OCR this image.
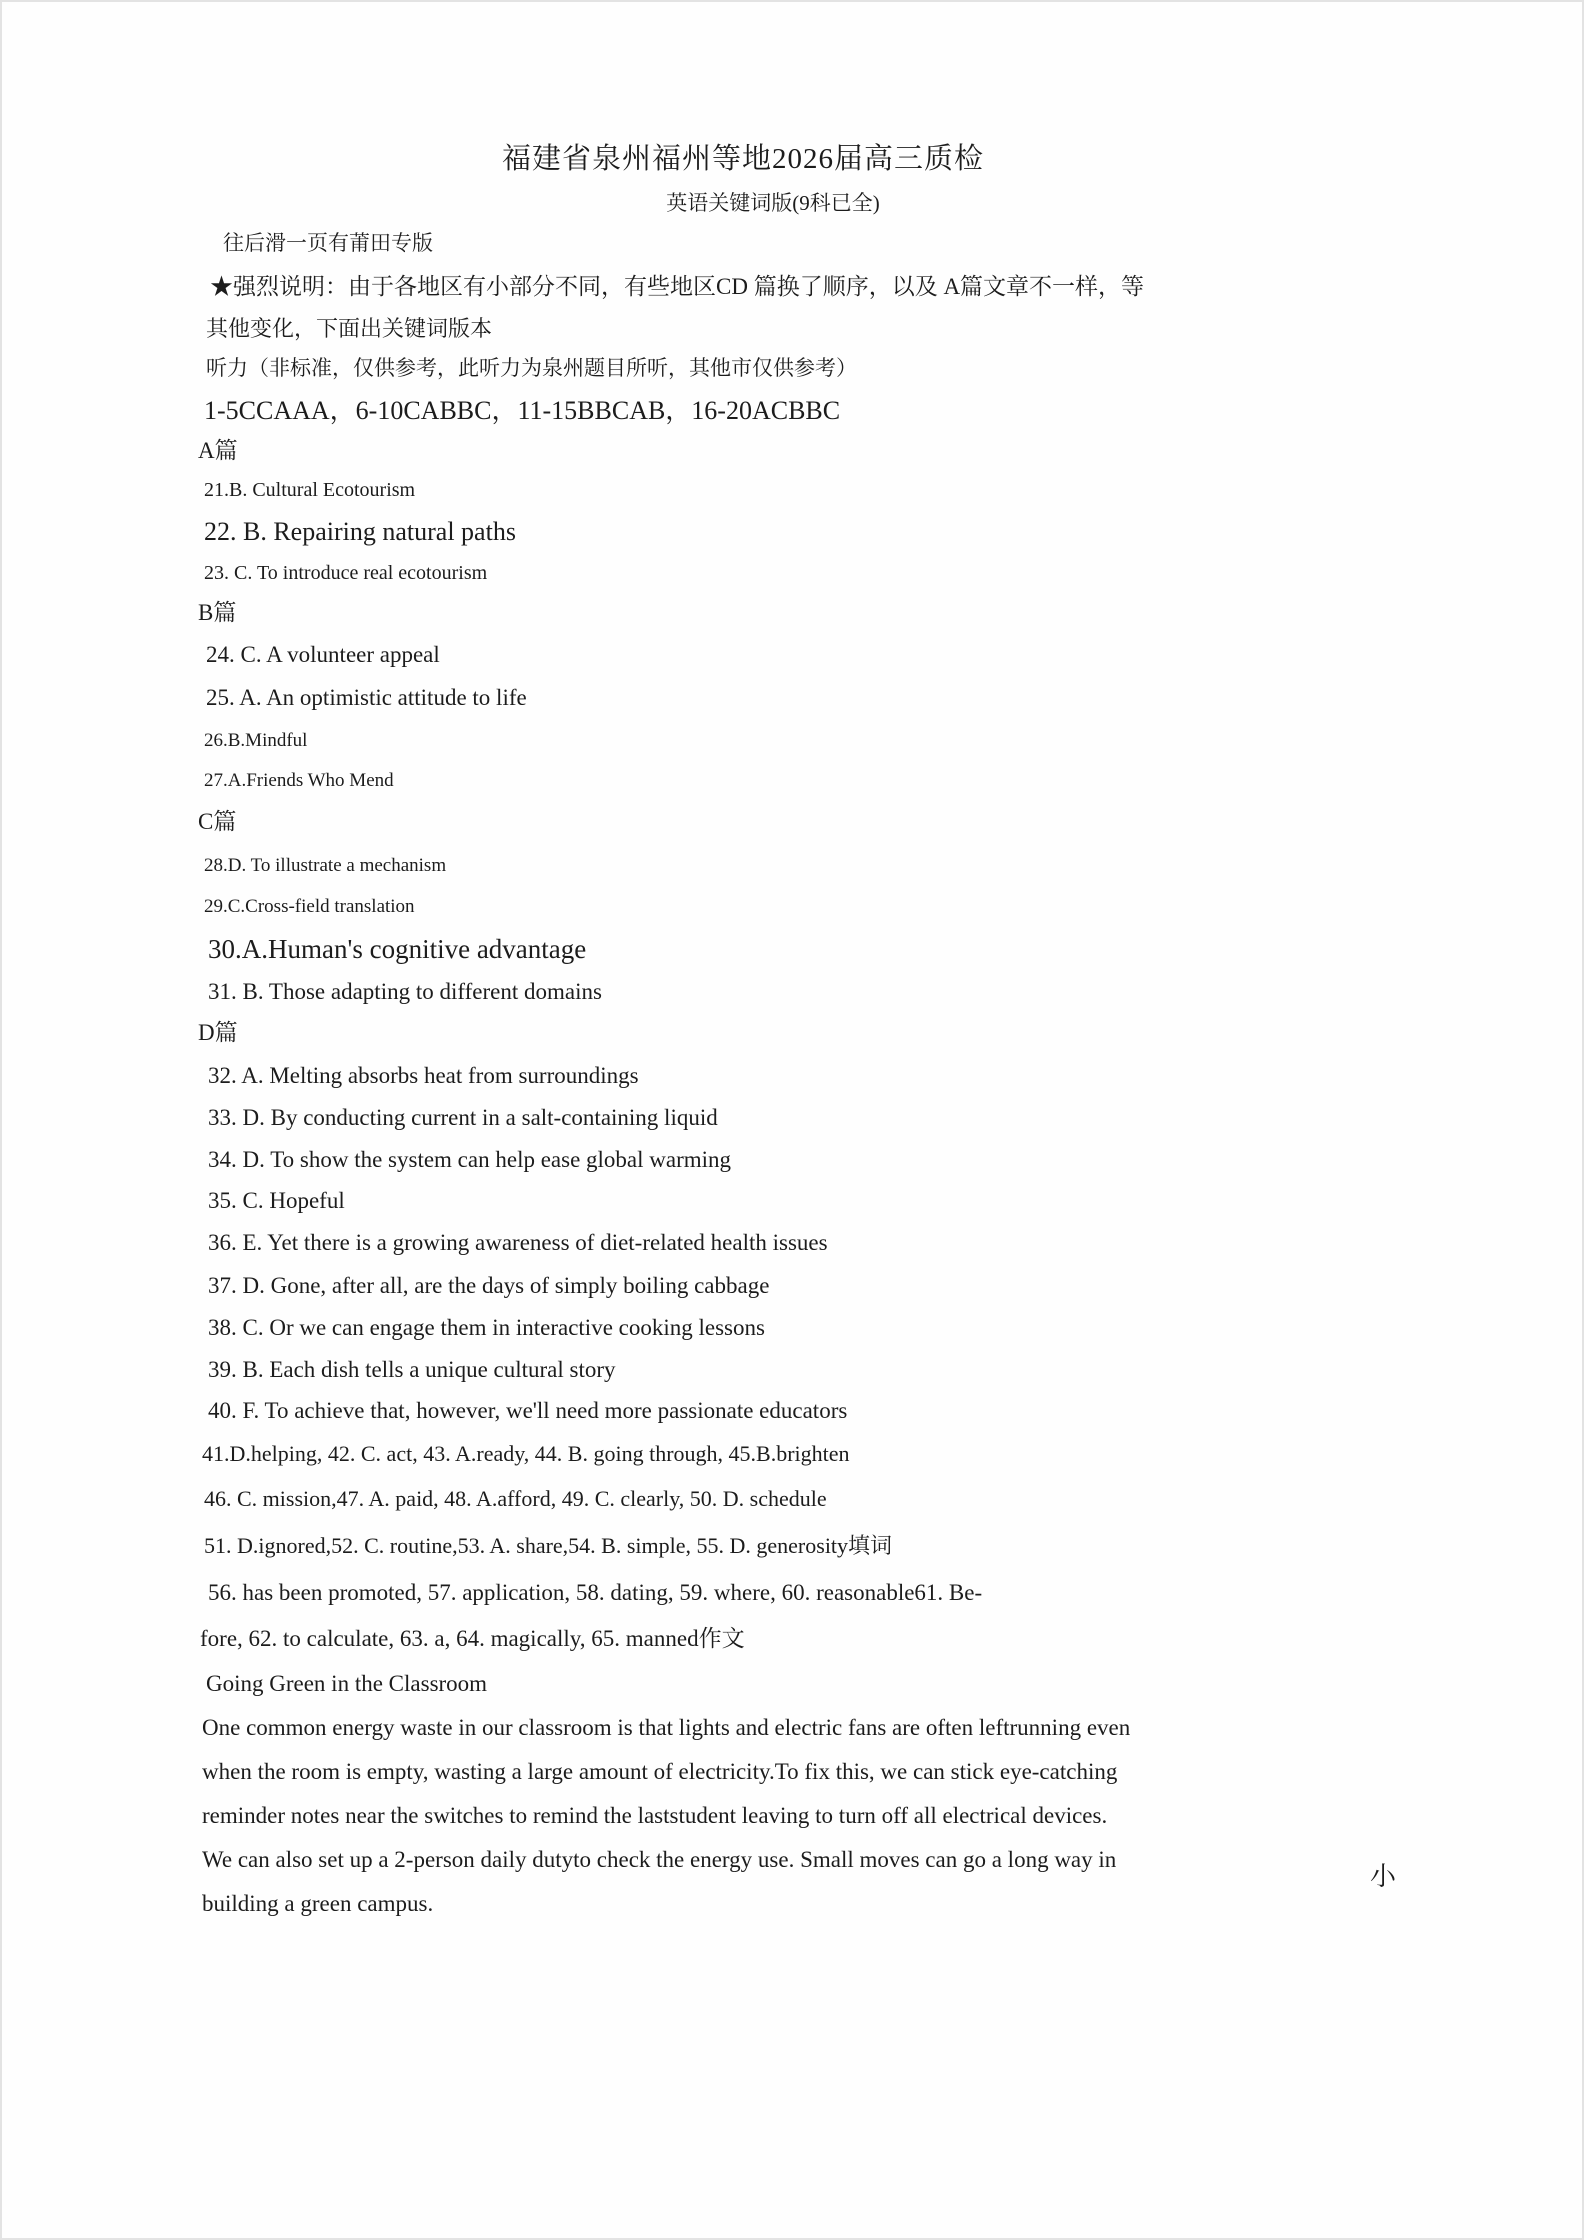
福建省泉州福州等地2026届高三质检
英语关键词版(9科已全)
往后滑一页有莆田专版
★强烈说明：由于各地区有小部分不同，有些地区CD 篇换了顺序，以及 A篇文章不一样，等
其他变化，下面出关键词版本
听力（非标准，仅供参考，此听力为泉州题目所听，其他市仅供参考）
1-5CCAAA，6-10CABBC，11-15BBCAB，16-20ACBBC
A篇
21.B. Cultural Ecotourism
22. B. Repairing natural paths
23. C. To introduce real ecotourism
B篇
24. C. A volunteer appeal
25. A. An optimistic attitude to life
26.B.Mindful
27.A.Friends Who Mend
C篇
28.D. To illustrate a mechanism
29.C.Cross-field translation
30.A.Human's cognitive advantage
31. B. Those adapting to different domains
D篇
32. A. Melting absorbs heat from surroundings
33. D. By conducting current in a salt-containing liquid
34. D. To show the system can help ease global warming
35. C. Hopeful
36. E. Yet there is a growing awareness of diet-related health issues
37. D. Gone, after all, are the days of simply boiling cabbage
38. C. Or we can engage them in interactive cooking lessons
39. B. Each dish tells a unique cultural story
40. F. To achieve that, however, we'll need more passionate educators
41.D.helping, 42. C. act, 43. A.ready, 44. B. going through, 45.B.brighten
46. C. mission,47. A. paid, 48. A.afford, 49. C. clearly, 50. D. schedule
51. D.ignored,52. C. routine,53. A. share,54. B. simple, 55. D. generosity填词
56. has been promoted, 57. application, 58. dating, 59. where, 60. reasonable61. Be-
fore, 62. to calculate, 63. a, 64. magically, 65. manned作文
Going Green in the Classroom
One common energy waste in our classroom is that lights and electric fans are often leftrunning even
when the room is empty, wasting a large amount of electricity.To fix this, we can stick eye-catching
reminder notes near the switches to remind the laststudent leaving to turn off all electrical devices.
We can also set up a 2-person daily dutyto check the energy use. Small moves can go a long way in
building a green campus.
小
